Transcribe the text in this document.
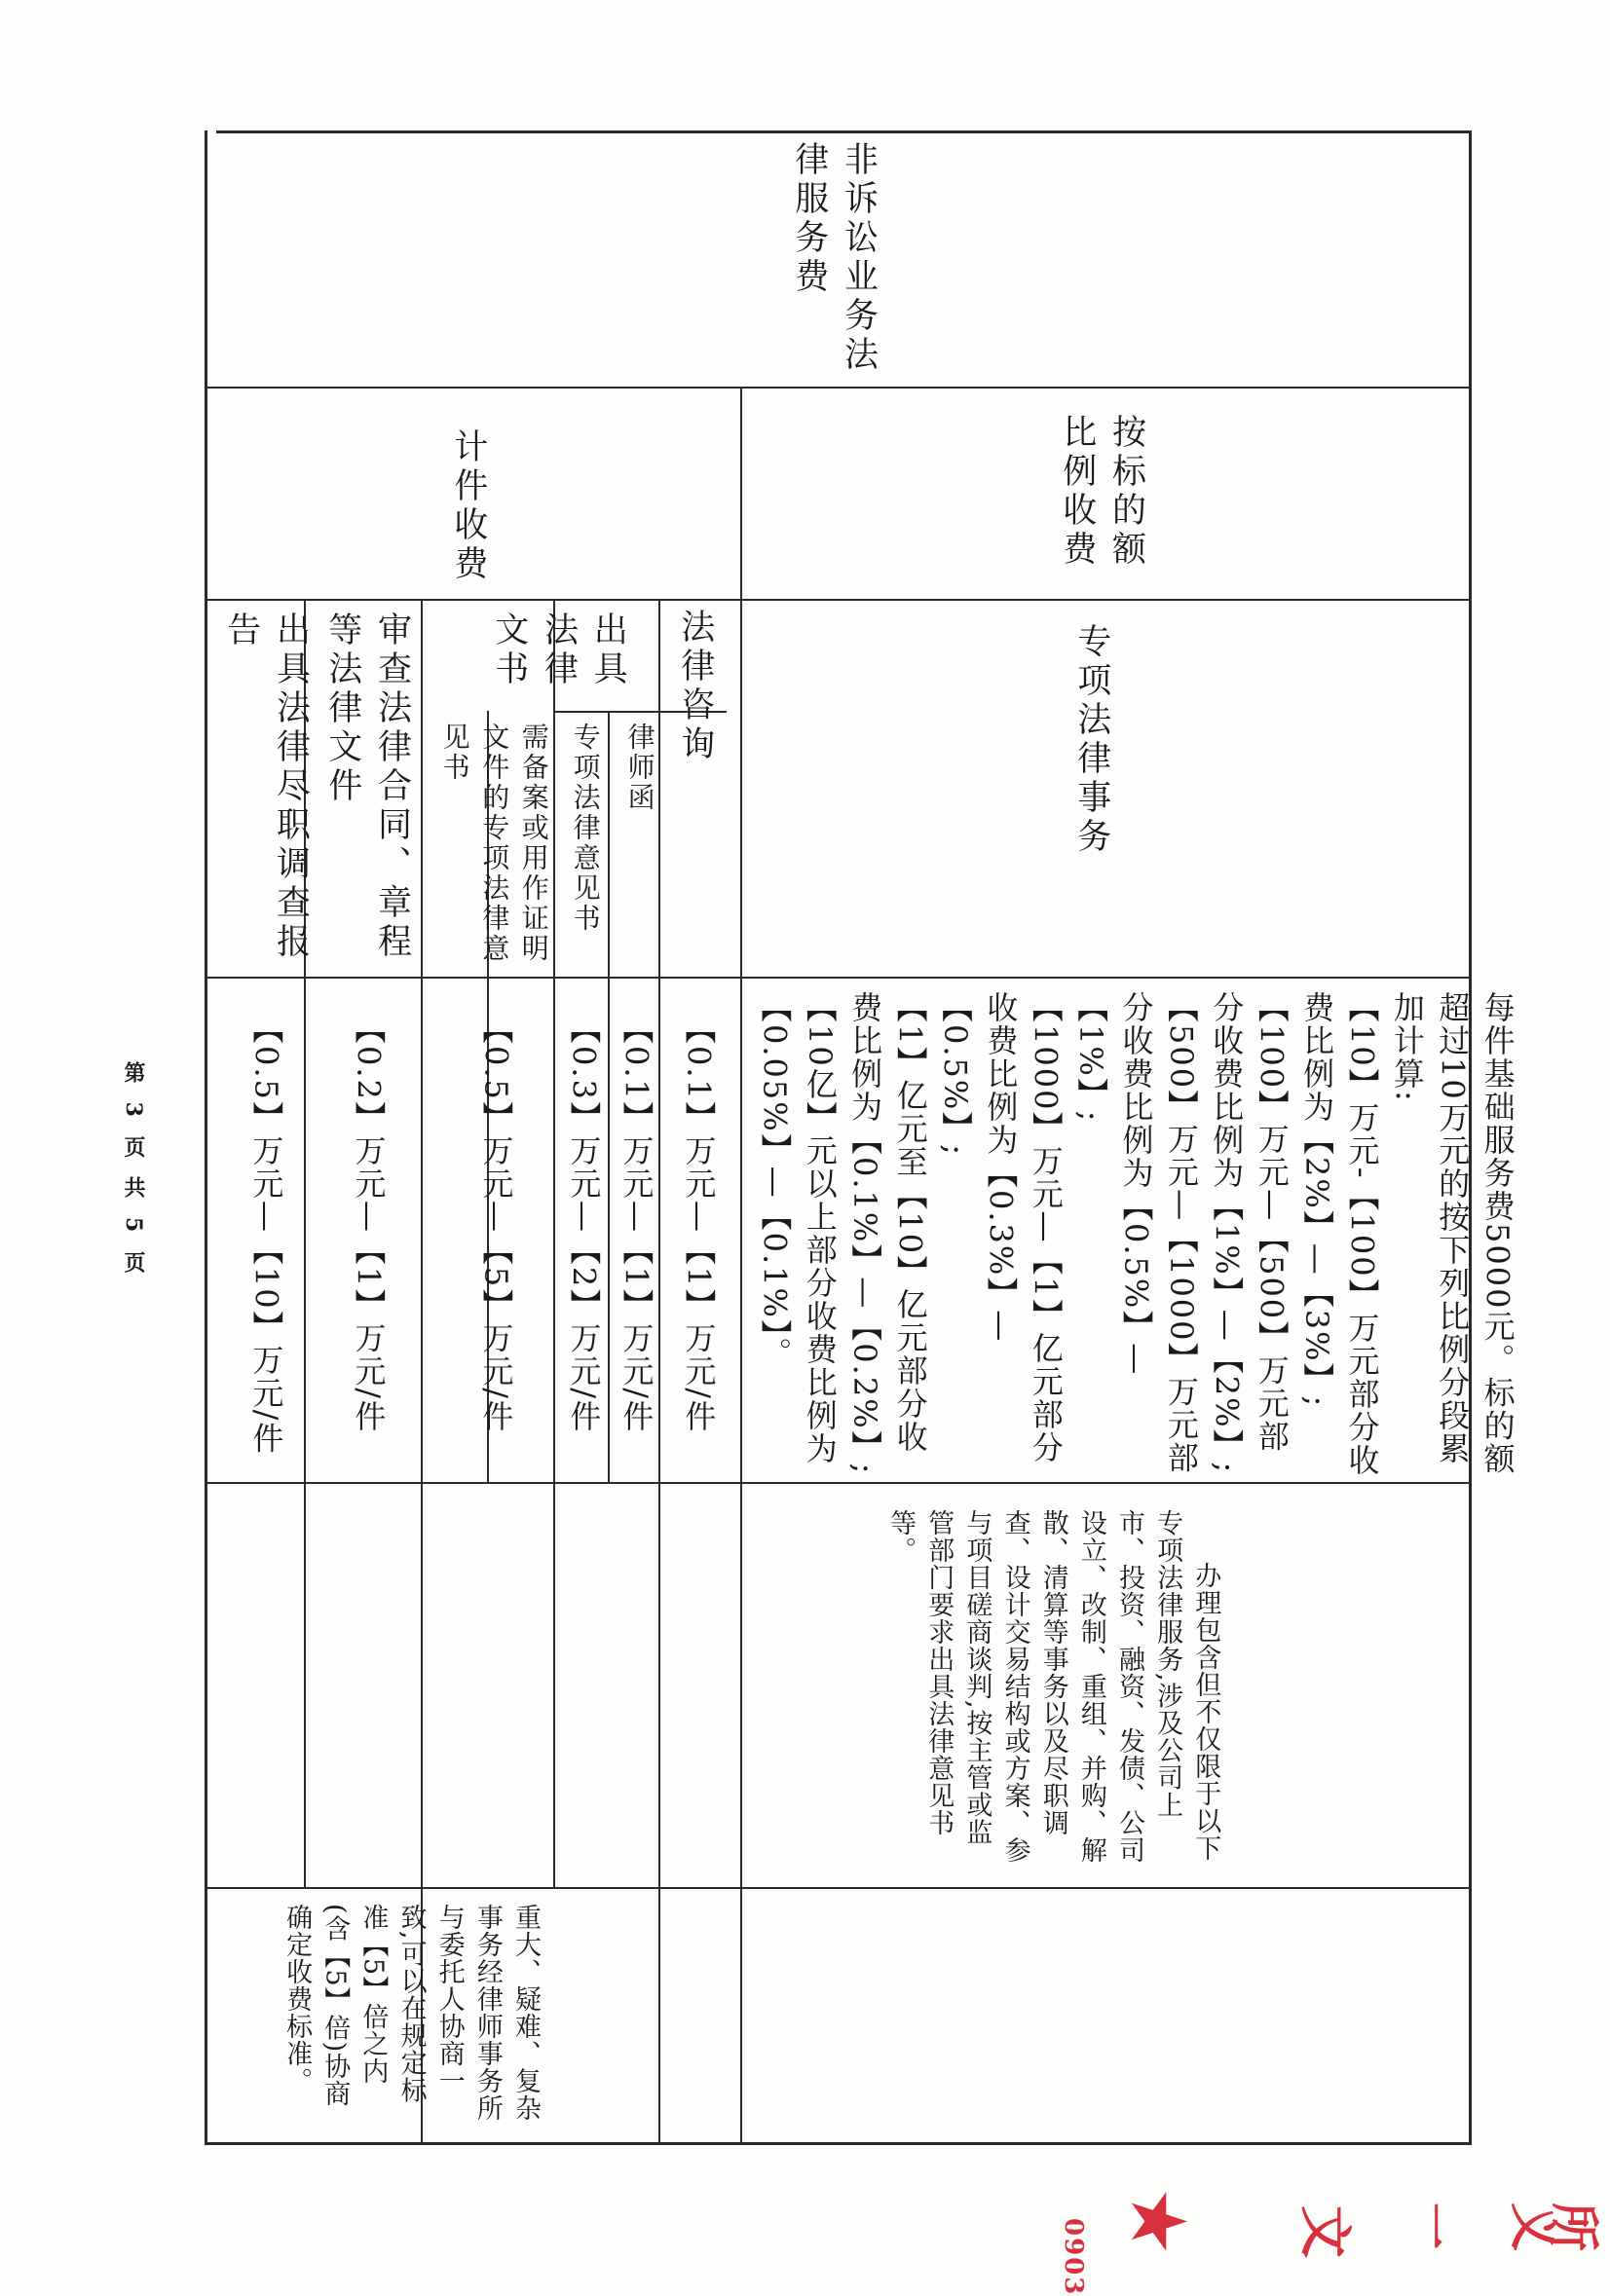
非诉讼业务法律服务费
按标的额比例收费
计件收费
专项法律事务
法律咨询
出具法律文书
律师函
专项法律意见书
需备案或用作证明文件的专项法律意见书
审查法律合同、章程等法律文件
出具法律尽职调查报告
每件基础服务费5000元。标的额超过10万元的按下列比例分段累加计算:
【10】万元-【100】万元部分收费比例为【2%】—【3%】;
【100】万元—【500】万元部分收费比例为【1%】—【2%】;
【500】万元—【1000】万元部分收费比例为【0.5%】—【1%】;
【1000】万元—【1】亿元部分收费比例为【0.3%】—【0.5%】;
【1】亿元至【10】亿元部分收费比例为【0.1%】—【0.2%】;
【10亿】元以上部分收费比例为【0.05%】—【0.1%】。
【0.1】万元—【1】万元/件
【0.1】万元—【1】万元/件
【0.3】万元—【2】万元/件
【0.5】万元—【5】万元/件
【0.2】万元—【1】万元/件
【0.5】万元—【10】万元/件
办理包含但不仅限于以下专项法律服务,涉及公司上市、投资、融资、发债、公司设立、改制、重组、并购、解散、清算等事务以及尽职调查、设计交易结构或方案、参与项目磋商谈判,按主管或监管部门要求出具法律意见书等。
重大、疑难、复杂事务经律师事务所与委托人协商一致,可以在规定标准【5】倍之内(含【5】倍)协商确定收费标准。
第 3 页 共 5 页
0903 ★ 文 一 义
所
